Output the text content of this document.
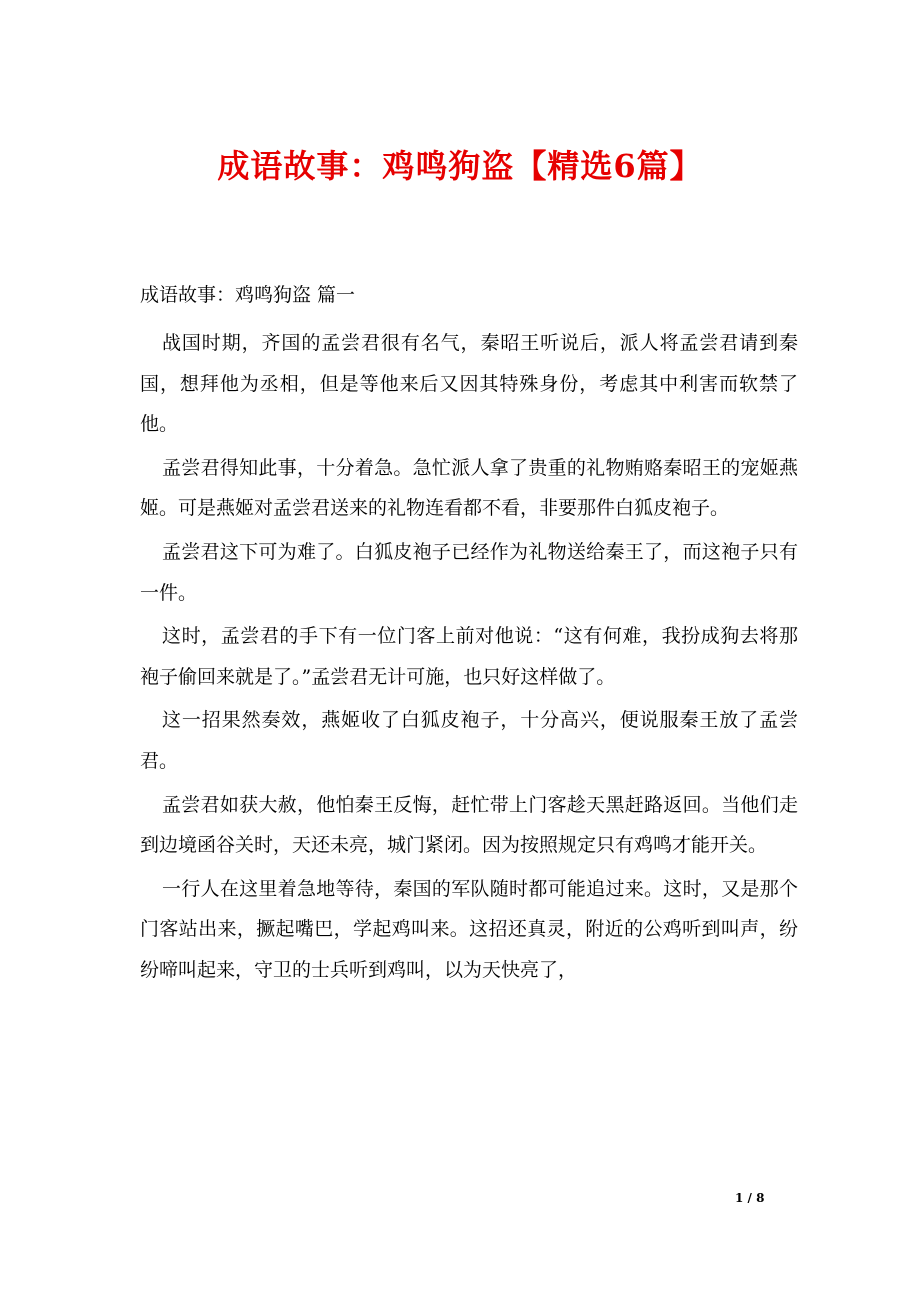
成语故事：鸡鸣狗盗【精选6篇】
成语故事：鸡鸣狗盗 篇一

战国时期，齐国的孟尝君很有名气，秦昭王听说后，派人将孟尝君请到秦国，想拜他为丞相，但是等他来后又因其特殊身份，考虑其中利害而软禁了他。

孟尝君得知此事，十分着急。急忙派人拿了贵重的礼物贿赂秦昭王的宠姬燕姬。可是燕姬对孟尝君送来的礼物连看都不看，非要那件白狐皮袍子。

孟尝君这下可为难了。白狐皮袍子已经作为礼物送给秦王了，而这袍子只有一件。

这时，孟尝君的手下有一位门客上前对他说：“这有何难，我扮成狗去将那袍子偷回来就是了。”孟尝君无计可施，也只好这样做了。

这一招果然奏效，燕姬收了白狐皮袍子，十分高兴，便说服秦王放了孟尝君。

孟尝君如获大赦，他怕秦王反悔，赶忙带上门客趁天黑赶路返回。当他们走到边境函谷关时，天还未亮，城门紧闭。因为按照规定只有鸡鸣才能开关。

一行人在这里着急地等待，秦国的军队随时都可能追过来。这时，又是那个门客站出来，撅起嘴巴，学起鸡叫来。这招还真灵，附近的公鸡听到叫声，纷纷啼叫起来，守卫的士兵听到鸡叫，以为天快亮了，

1 / 8
